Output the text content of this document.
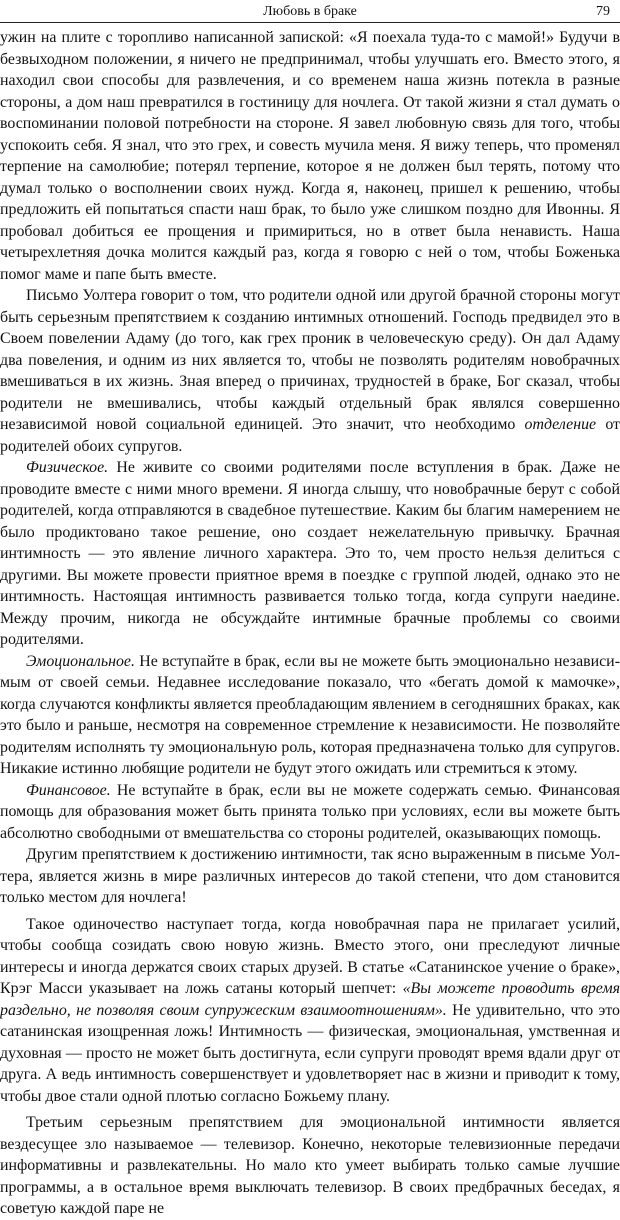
Любовь в браке	79

ужин на плите с торопливо написанной запиской: «Я поехала туда-то с мамой!» Будучи в безвыходном положении, я ничего не предпринимал, чтобы улучшать его. Вместо этого, я находил свои способы для развлечения, и со временем наша жизнь потекла в разные стороны, а дом наш превратился в гостиницу для ночлега. От такой жизни я стал думать о воспоминании половой потребности на стороне. Я завел любовную связь для того, чтобы успокоить себя. Я знал, что это грех, и совесть мучила меня. Я вижу теперь, что променял терпение на самолюбие; потерял терпение, которое я не должен был терять, потому что думал только о восполнении своих нужд. Когда я, наконец, пришел к решению, чтобы предложить ей попытаться спасти наш брак, то было уже слишком поздно для Ивонны. Я пробовал добиться ее прощения и примириться, но в ответ была ненависть. Наша четырехлетняя дочка молится каждый раз, когда я говорю с ней о том, чтобы Боженька помог маме и папе быть вместе.

Письмо Уолтера говорит о том, что родители одной или другой брачной стороны могут быть серьезным препятствием к созданию интимных отношений. Господь предвидел это в Своем повелении Адаму (до того, как грех проник в человеческую среду). Он дал Адаму два повеления, и одним из них является то, чтобы не позволять родителям новобрачных вмешиваться в их жизнь. Зная вперед о причинах, трудностей в браке, Бог сказал, чтобы родители не вмешивались, чтобы каждый отдельный брак являлся совершенно независимой новой социальной единицей. Это значит, что необходимо отделение от родителей обоих супругов.

Физическое. Не живите со своими родителями после вступления в брак. Даже не проводите вместе с ними много времени. Я иногда слышу, что новобрачные берут с собой родителей, когда отправляются в свадебное путешествие. Каким бы благим намерением не было продиктовано такое решение, оно создает нежелательную привычку. Брачная интимность — это явление личного характера. Это то, чем просто нельзя делиться с другими. Вы можете провести приятное время в поездке с группой людей, однако это не интимность. Настоящая интимность развивается только тогда, когда супруги наедине. Между прочим, никогда не обсуждайте интимные брачные проблемы со своими родителями.

Эмоциональное. Не вступайте в брак, если вы не можете быть эмоционально независимым от своей семьи. Недавнее исследование показало, что «бегать домой к мамочке», когда случаются конфликты является преобладающим явлением в сегодняшних браках, как это было и раньше, несмотря на современное стремление к независимости. Не позволяйте родителям исполнять ту эмоциональную роль, которая предназначена только для супругов. Никакие истинно любящие родители не будут этого ожидать или стремиться к этому.

Финансовое. Не вступайте в брак, если вы не можете содержать семью. Финансовая помощь для образования может быть принята только при условиях, если вы можете быть абсолютно свободными от вмешательства со стороны родителей, оказывающих помощь.

Другим препятствием к достижению интимности, так ясно выраженным в письме Уолтера, является жизнь в мире различных интересов до такой степени, что дом становится только местом для ночлега!

Такое одиночество наступает тогда, когда новобрачная пара не прилагает усилий, чтобы сообща созидать свою новую жизнь. Вместо этого, они преследуют личные интересы и иногда держатся своих старых друзей. В статье «Сатанинское учение о браке», Крэг Масси указывает на ложь сатаны который шепчет: «Вы можете проводить время раздельно, не позволяя своим супружеским взаимоотношениям». Не удивительно, что это сатанинская изощренная ложь! Интимность — физическая, эмоциональная, умственная и духовная — просто не может быть достигнута, если супруги проводят время вдали друг от друга. А ведь интимность совершенствует и удовлетворяет нас в жизни и приводит к тому, чтобы двое стали одной плотью согласно Божьему плану.

Третьим серьезным препятствием для эмоциональной интимности является вездесущее зло называемое — телевизор. Конечно, некоторые телевизионные передачи информативны и развлекательны. Но мало кто умеет выбирать только самые лучшие программы, а в остальное время выключать телевизор. В своих предбрачных беседах, я советую каждой паре не
